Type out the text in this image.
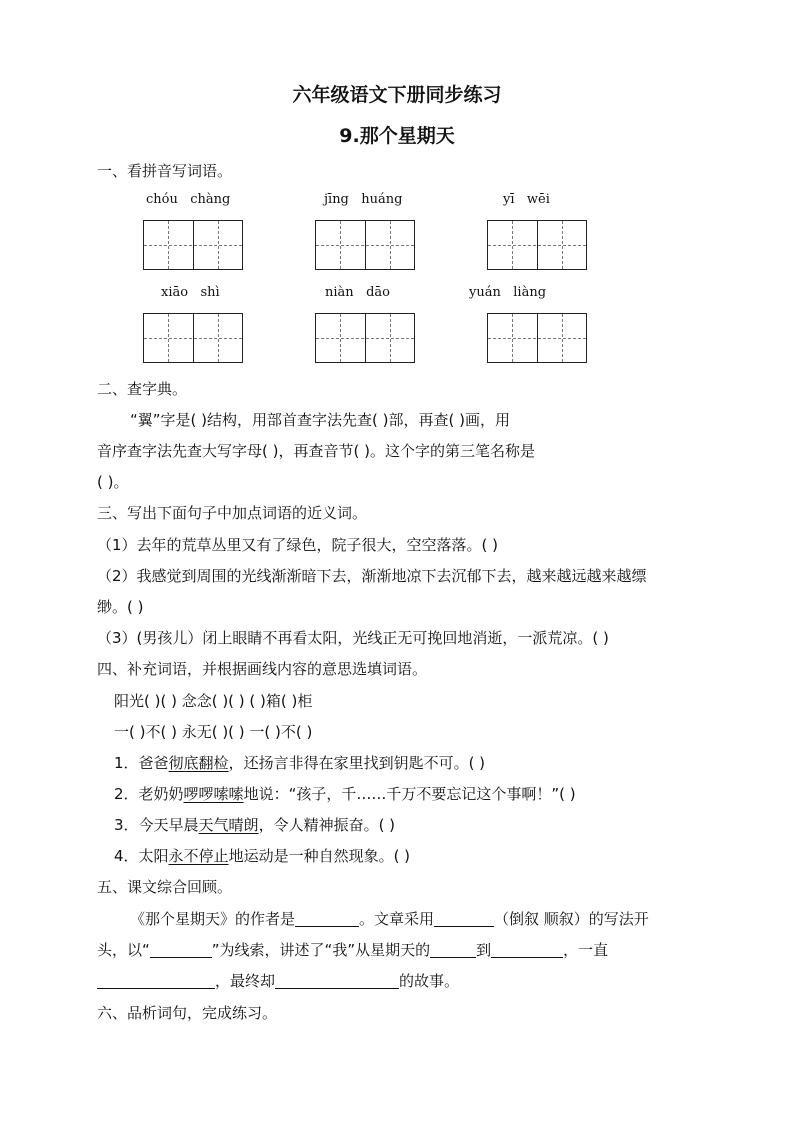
六年级语文下册同步练习
9.那个星期天
一、看拼音写词语。
chóu chàng	jīng huáng	yī wēi
xiāo shì	niàn dāo	yuán liàng
二、查字典。
“翼”字是( )结构，用部首查字法先查( )部，再查( )画，用
音序查字法先查大写字母( )，再查音节( )。这个字的第三笔名称是
( )。
三、写出下面句子中加点词语的近义词。
（1）去年的荒草丛里又有了绿色，院子很大，空空落落。( )
（2）我感觉到周围的光线渐渐暗下去，渐渐地凉下去沉郁下去，越来越远越来越缥
缈。( )
（3）(男孩儿）闭上眼睛不再看太阳，光线正无可挽回地消逝，一派荒凉。( )
四、补充词语，并根据画线内容的意思选填词语。
阳光( )( ) 念念( )( ) ( )箱( )柜
一( )不( ) 永无( )( ) 一( )不( )
1．爸爸彻底翻检，还扬言非得在家里找到钥匙不可。( )
2．老奶奶啰啰嗦嗦地说：“孩子，千……千万不要忘记这个事啊！”( )
3．今天早晨天气晴朗，令人精神振奋。( )
4．太阳永不停止地运动是一种自然现象。( )
五、课文综合回顾。
《那个星期天》的作者是	。文章采用	（倒叙 顺叙）的写法开
头，以“	”为线索，讲述了“我”从星期天的	到	，一直
，最终却	的故事。
六、品析词句，完成练习。
